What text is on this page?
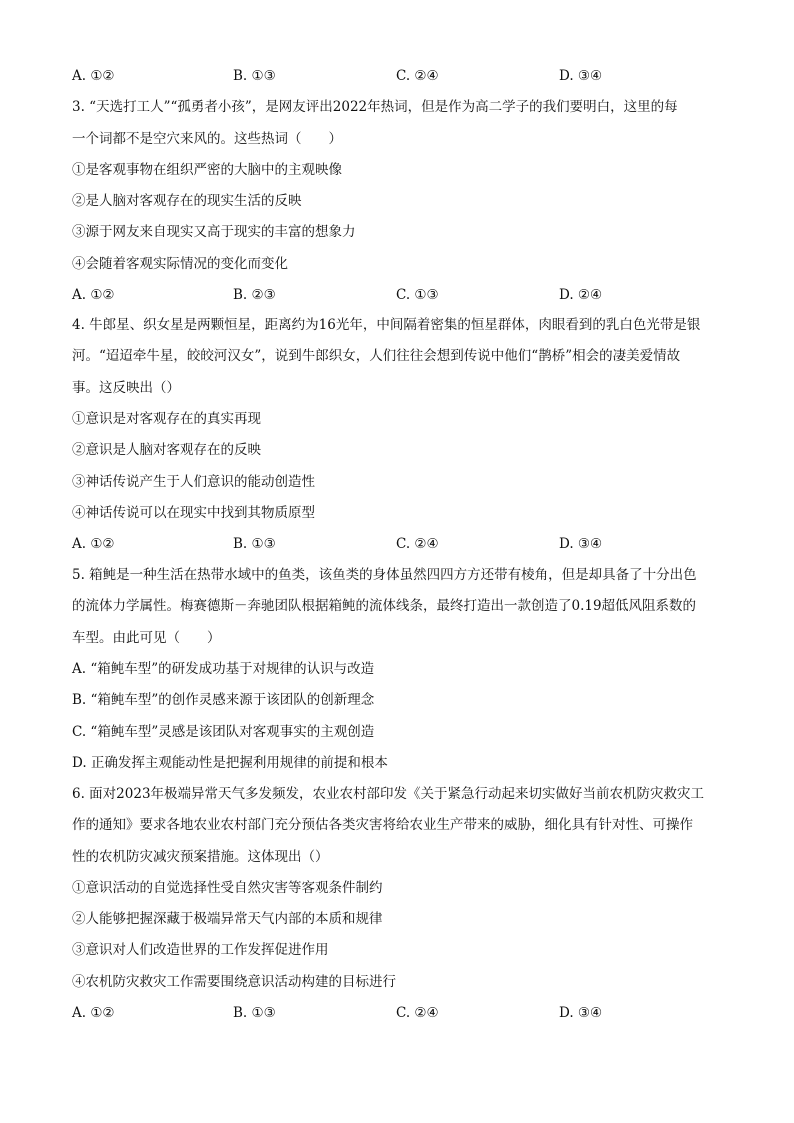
A. ①②	B. ①③	C. ②④	D. ③④
3. “天选打工人”“孤勇者小孩”，是网友评出2022年热词，但是作为高二学子的我们要明白，这里的每
一个词都不是空穴来风的。这些热词（　　）
①是客观事物在组织严密的大脑中的主观映像
②是人脑对客观存在的现实生活的反映
③源于网友来自现实又高于现实的丰富的想象力
④会随着客观实际情况的变化而变化
A. ①②	B. ②③	C. ①③	D. ②④
4. 牛郎星、织女星是两颗恒星，距离约为16光年，中间隔着密集的恒星群体，肉眼看到的乳白色光带是银
河。“迢迢牵牛星，皎皎河汉女”，说到牛郎织女，人们往往会想到传说中他们“鹊桥”相会的凄美爱情故
事。这反映出（）
①意识是对客观存在的真实再现
②意识是人脑对客观存在的反映
③神话传说产生于人们意识的能动创造性
④神话传说可以在现实中找到其物质原型
A. ①②	B. ①③	C. ②④	D. ③④
5. 箱鲀是一种生活在热带水域中的鱼类，该鱼类的身体虽然四四方方还带有棱角，但是却具备了十分出色
的流体力学属性。梅赛德斯－奔驰团队根据箱鲀的流体线条，最终打造出一款创造了0.19超低风阻系数的
车型。由此可见（　　）
A. “箱鲀车型”的研发成功基于对规律的认识与改造
B. “箱鲀车型”的创作灵感来源于该团队的创新理念
C. “箱鲀车型”灵感是该团队对客观事实的主观创造
D. 正确发挥主观能动性是把握利用规律的前提和根本
6. 面对2023年极端异常天气多发频发，农业农村部印发《关于紧急行动起来切实做好当前农机防灾救灾工
作的通知》要求各地农业农村部门充分预估各类灾害将给农业生产带来的威胁，细化具有针对性、可操作
性的农机防灾减灾预案措施。这体现出（）
①意识活动的自觉选择性受自然灾害等客观条件制约
②人能够把握深藏于极端异常天气内部的本质和规律
③意识对人们改造世界的工作发挥促进作用
④农机防灾救灾工作需要围绕意识活动构建的目标进行
A. ①②	B. ①③	C. ②④	D. ③④
